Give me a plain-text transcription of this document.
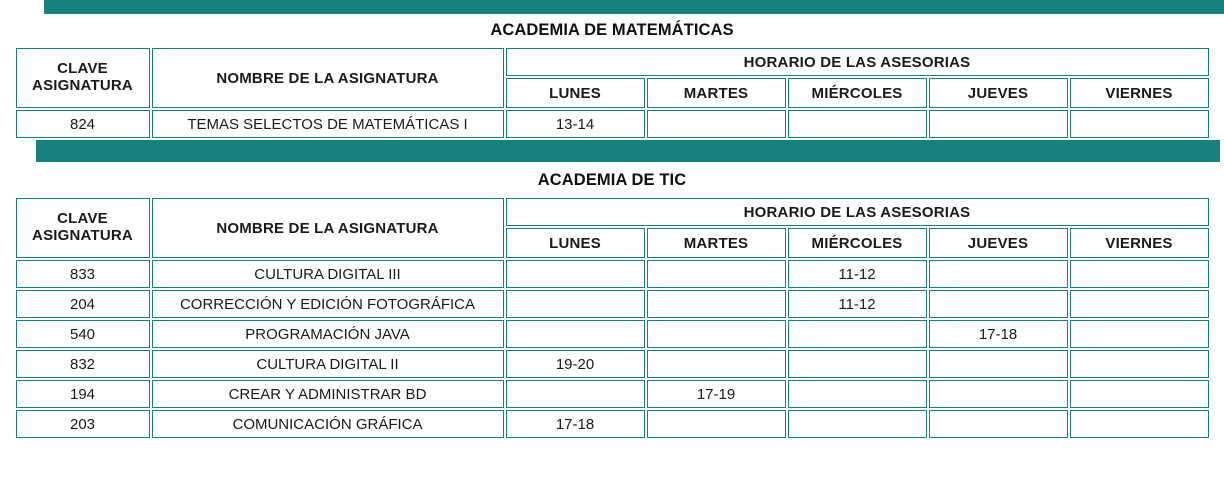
ACADEMIA DE MATEMÁTICAS
CLAVE
ASIGNATURA	NOMBRE DE LA ASIGNATURA	HORARIO DE LAS ASESORIAS				
		LUNES	MARTES	MIÉRCOLES	JUEVES	VIERNES
824	TEMAS SELECTOS DE MATEMÁTICAS I	13-14				
ACADEMIA DE TIC
CLAVE
ASIGNATURA	NOMBRE DE LA ASIGNATURA	HORARIO DE LAS ASESORIAS				
		LUNES	MARTES	MIÉRCOLES	JUEVES	VIERNES
833	CULTURA DIGITAL III			11-12		
204	CORRECCIÓN Y EDICIÓN FOTOGRÁFICA			11-12		
540	PROGRAMACIÓN JAVA				17-18	
832	CULTURA DIGITAL II	19-20				
194	CREAR Y ADMINISTRAR BD		17-19			
203	COMUNICACIÓN GRÁFICA	17-18				
